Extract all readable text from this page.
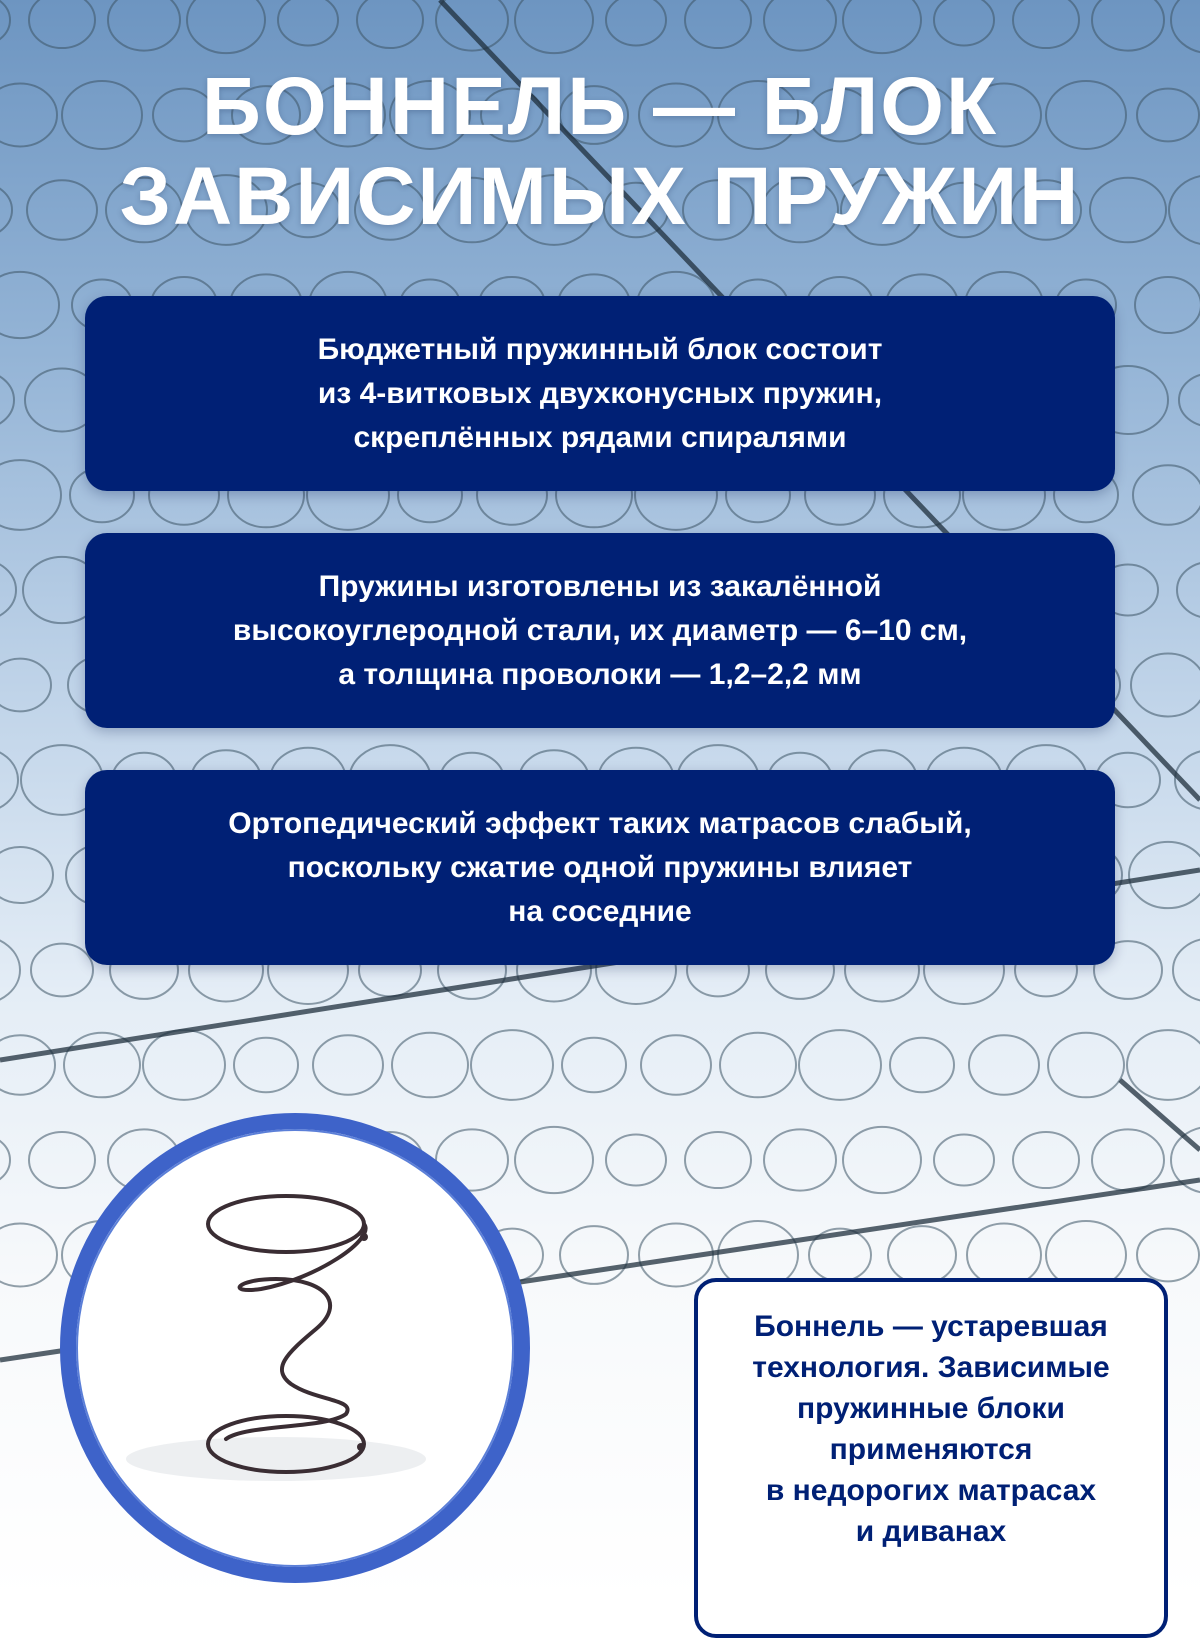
БОННЕЛЬ — БЛОК
ЗАВИСИМЫХ ПРУЖИН

Бюджетный пружинный блок состоит
из 4-витковых двухконусных пружин,
скреплённых рядами спиралями

Пружины изготовлены из закалённой
высокоуглеродной стали, их диаметр — 6–10 см,
а толщина проволоки — 1,2–2,2 мм

Ортопедический эффект таких матрасов слабый,
поскольку сжатие одной пружины влияет
на соседние

Боннель — устаревшая
технология. Зависимые
пружинные блоки
применяются
в недорогих матрасах
и диванах
